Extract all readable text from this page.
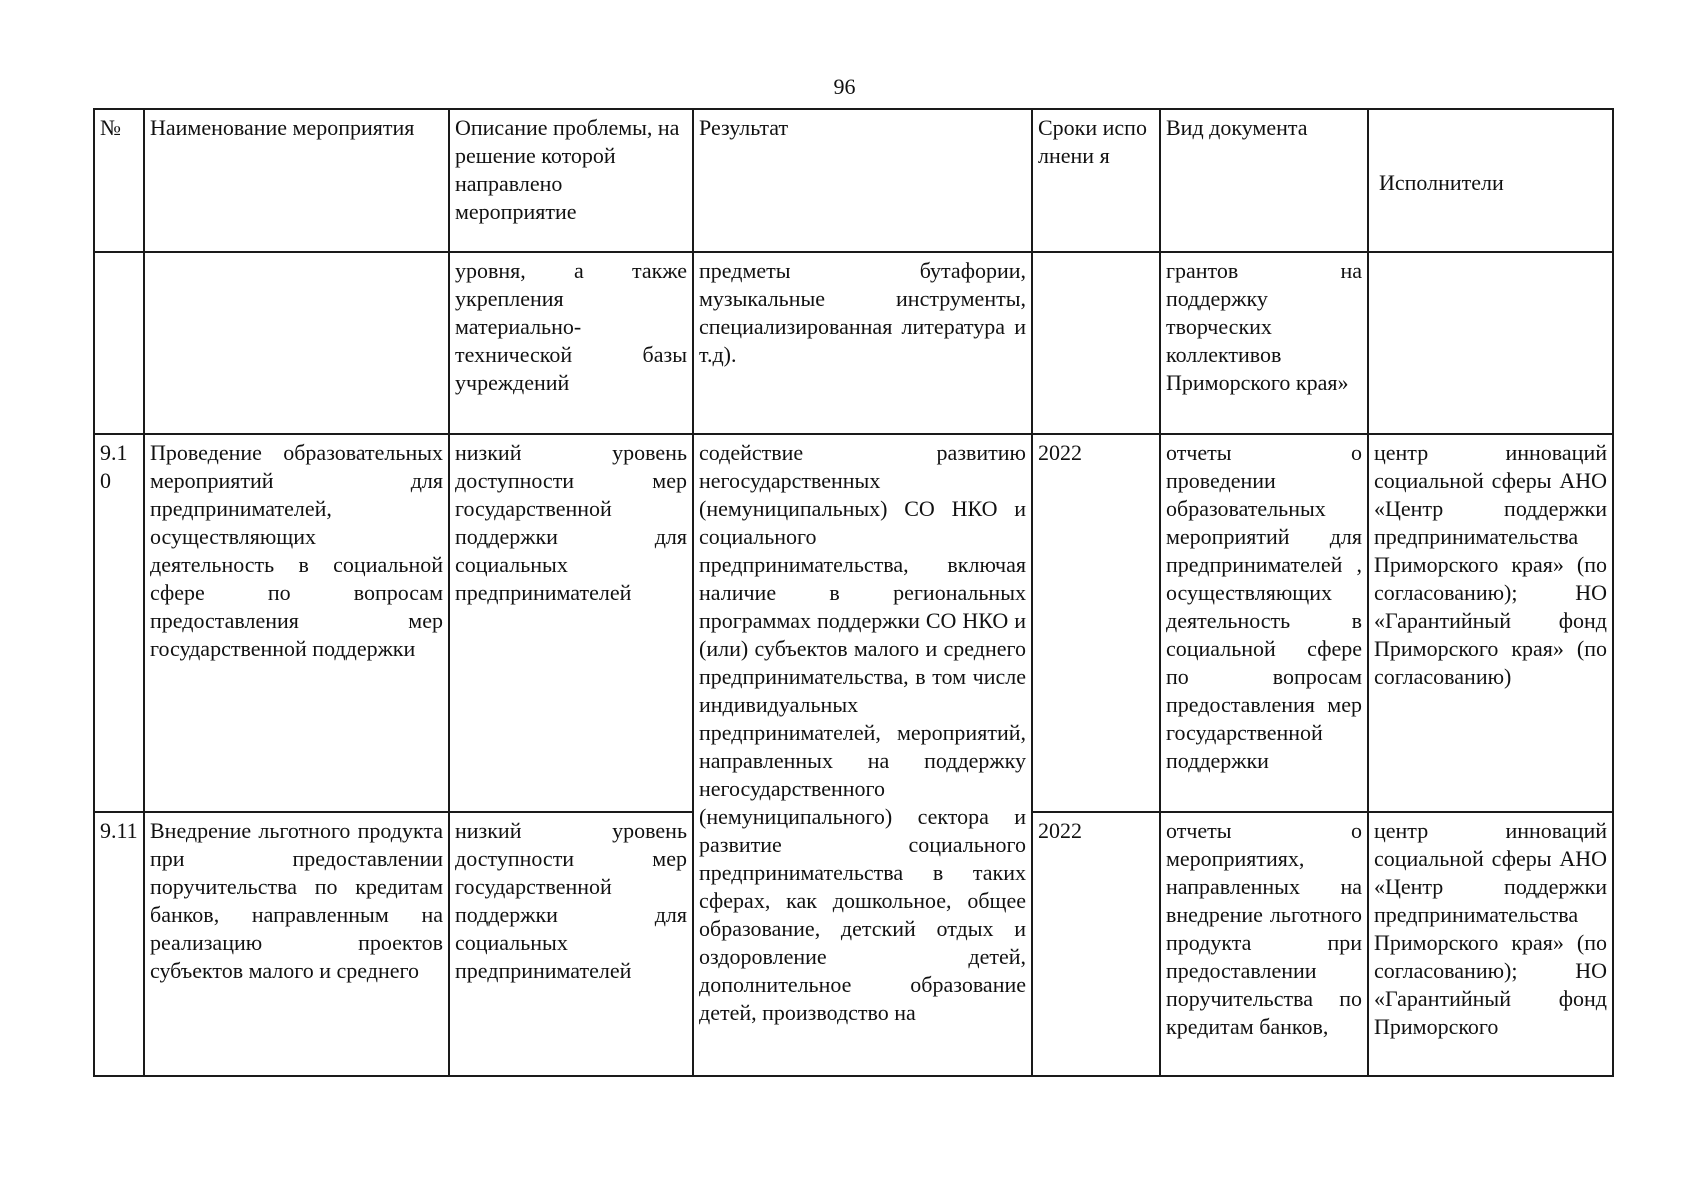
96
№	Наименование мероприятия	Описание проблемы, на решение которой направлено мероприятие	Результат	Сроки исполнени я	Вид документа	Исполнители
		уровня, а также укрепления материально-технической базы учреждений	предметы бутафории, музыкальные инструменты, специализированная литература и т.д).		грантов на поддержку творческих коллективов Приморского края»	
9.10	Проведение образовательных мероприятий для предпринимателей, осуществляющих деятельность в социальной сфере по вопросам предоставления мер государственной поддержки	низкий уровень доступности мер государственной поддержки для социальных предпринимателей	содействие развитию негосударственных (немуниципальных) СО НКО и социального предпринимательства, включая наличие в региональных программах поддержки СО НКО и (или) субъектов малого и среднего предпринимательства, в том числе индивидуальных предпринимателей, мероприятий, направленных на поддержку негосударственного (немуниципального) сектора и развитие социального предпринимательства в таких сферах, как дошкольное, общее образование, детский отдых и оздоровление детей, дополнительное образование детей, производство на	2022	отчеты о проведении образовательных мероприятий для предпринимателей , осуществляющих деятельность в социальной сфере по вопросам предоставления мер государственной поддержки	центр инноваций социальной сферы АНО «Центр поддержки предпринимательства Приморского края» (по согласованию); НО «Гарантийный фонд Приморского края» (по согласованию)
9.11	Внедрение льготного продукта при предоставлении поручительства по кредитам банков, направленным на реализацию проектов субъектов малого и среднего	низкий уровень доступности мер государственной поддержки для социальных предпринимателей		2022	отчеты о мероприятиях, направленных на внедрение льготного продукта при предоставлении поручительства по кредитам банков,	центр инноваций социальной сферы АНО «Центр поддержки предпринимательства Приморского края» (по согласованию); НО «Гарантийный фонд Приморского
